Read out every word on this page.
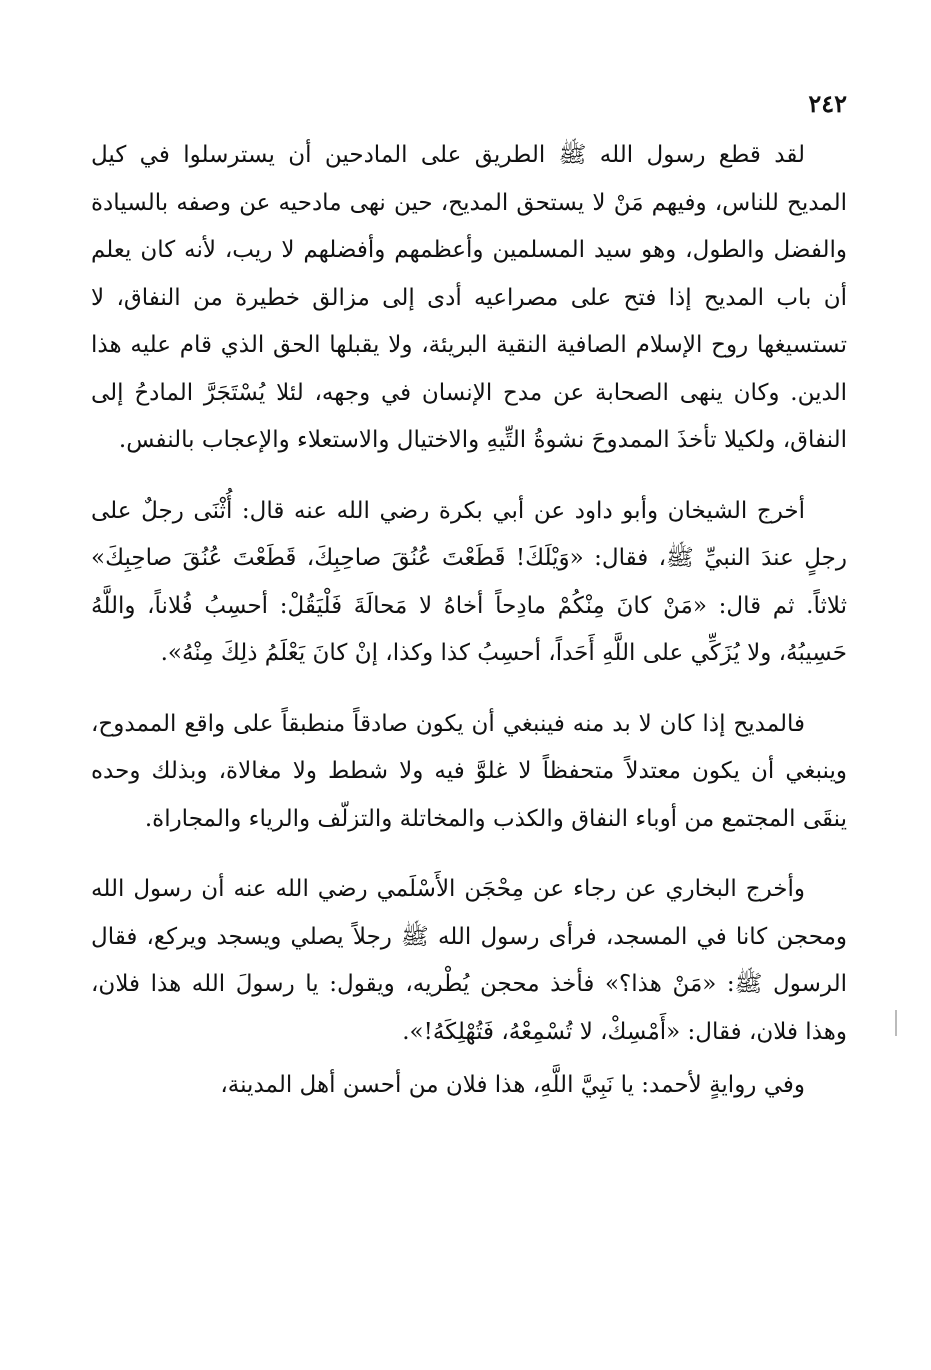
٢٤٢

لقد قطع رسول الله ﷺ الطريق على المادحين أن يسترسلوا في كيل المديح للناس، وفيهم مَنْ لا يستحق المديح، حين نهى مادحيه عن وصفه بالسيادة والفضل والطول، وهو سيد المسلمين وأعظمهم وأفضلهم لا ريب، لأنه كان يعلم أن باب المديح إذا فتح على مصراعيه أدى إلى مزالق خطيرة من النفاق، لا تستسيغها روح الإسلام الصافية النقية البريئة، ولا يقبلها الحق الذي قام عليه هذا الدين. وكان ينهى الصحابة عن مدح الإنسان في وجهه، لئلا يُسْتَجَرَّ المادحُ إلى النفاق، ولكيلا تأخذَ الممدوحَ نشوةُ التِّيهِ والاختيال والاستعلاء والإعجاب بالنفس.

أخرج الشيخان وأبو داود عن أبي بكرة رضي الله عنه قال: أُثْنَى رجلٌ على رجلٍ عندَ النبيِّ ﷺ، فقال: «وَيْلَكَ! قَطَعْتَ عُنُقَ صاحِبِكَ، قَطَعْتَ عُنُقَ صاحِبِكَ» ثلاثاً. ثم قال: «مَنْ كانَ مِنْكُمْ مادِحاً أخاهُ لا مَحالَةَ فَلْيَقُلْ: أحسِبُ فُلاناً، واللَّهُ حَسِيبُهُ، ولا يُزَكِّي على اللَّهِ أَحَداً، أحسِبُ كذا وكذا، إنْ كانَ يَعْلَمُ ذلِكَ مِنْهُ».

فالمديح إذا كان لا بد منه فينبغي أن يكون صادقاً منطبقاً على واقع الممدوح، وينبغي أن يكون معتدلاً متحفظاً لا غلوَّ فيه ولا شطط ولا مغالاة، وبذلك وحده ينقَى المجتمع من أوباء النفاق والكذب والمخاتلة والتزلّف والرياء والمجاراة.

وأخرج البخاري عن رجاء عن مِحْجَن الأَسْلَمي رضي الله عنه أن رسول الله ومحجن كانا في المسجد، فرأى رسول الله ﷺ رجلاً يصلي ويسجد ويركع، فقال الرسول ﷺ: «مَنْ هذا؟» فأخذ محجن يُطْريه، ويقول: يا رسولَ الله هذا فلان، وهذا فلان، فقال: «أَمْسِكْ، لا تُسْمِعْهُ، فَتُهْلِكَهُ!».

وفي روايةٍ لأحمد: يا نَبِيَّ اللَّهِ، هذا فلان من أحسن أهل المدينة،
